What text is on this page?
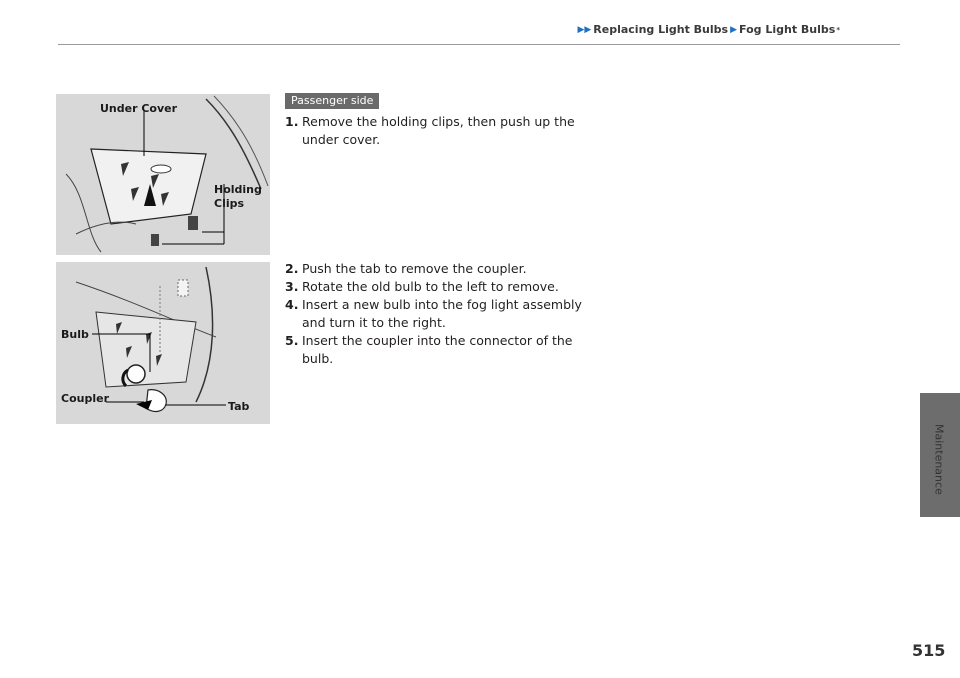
▶▶ Replacing Light Bulbs ▶ Fog Light Bulbs *
Under Cover
Holding
Clips
Bulb
Coupler
Tab
Passenger side
1. Remove the holding clips, then push up the under cover.
2. Push the tab to remove the coupler.
3. Rotate the old bulb to the left to remove.
4. Insert a new bulb into the fog light assembly and turn it to the right.
5. Insert the coupler into the connector of the bulb.
Maintenance
515
